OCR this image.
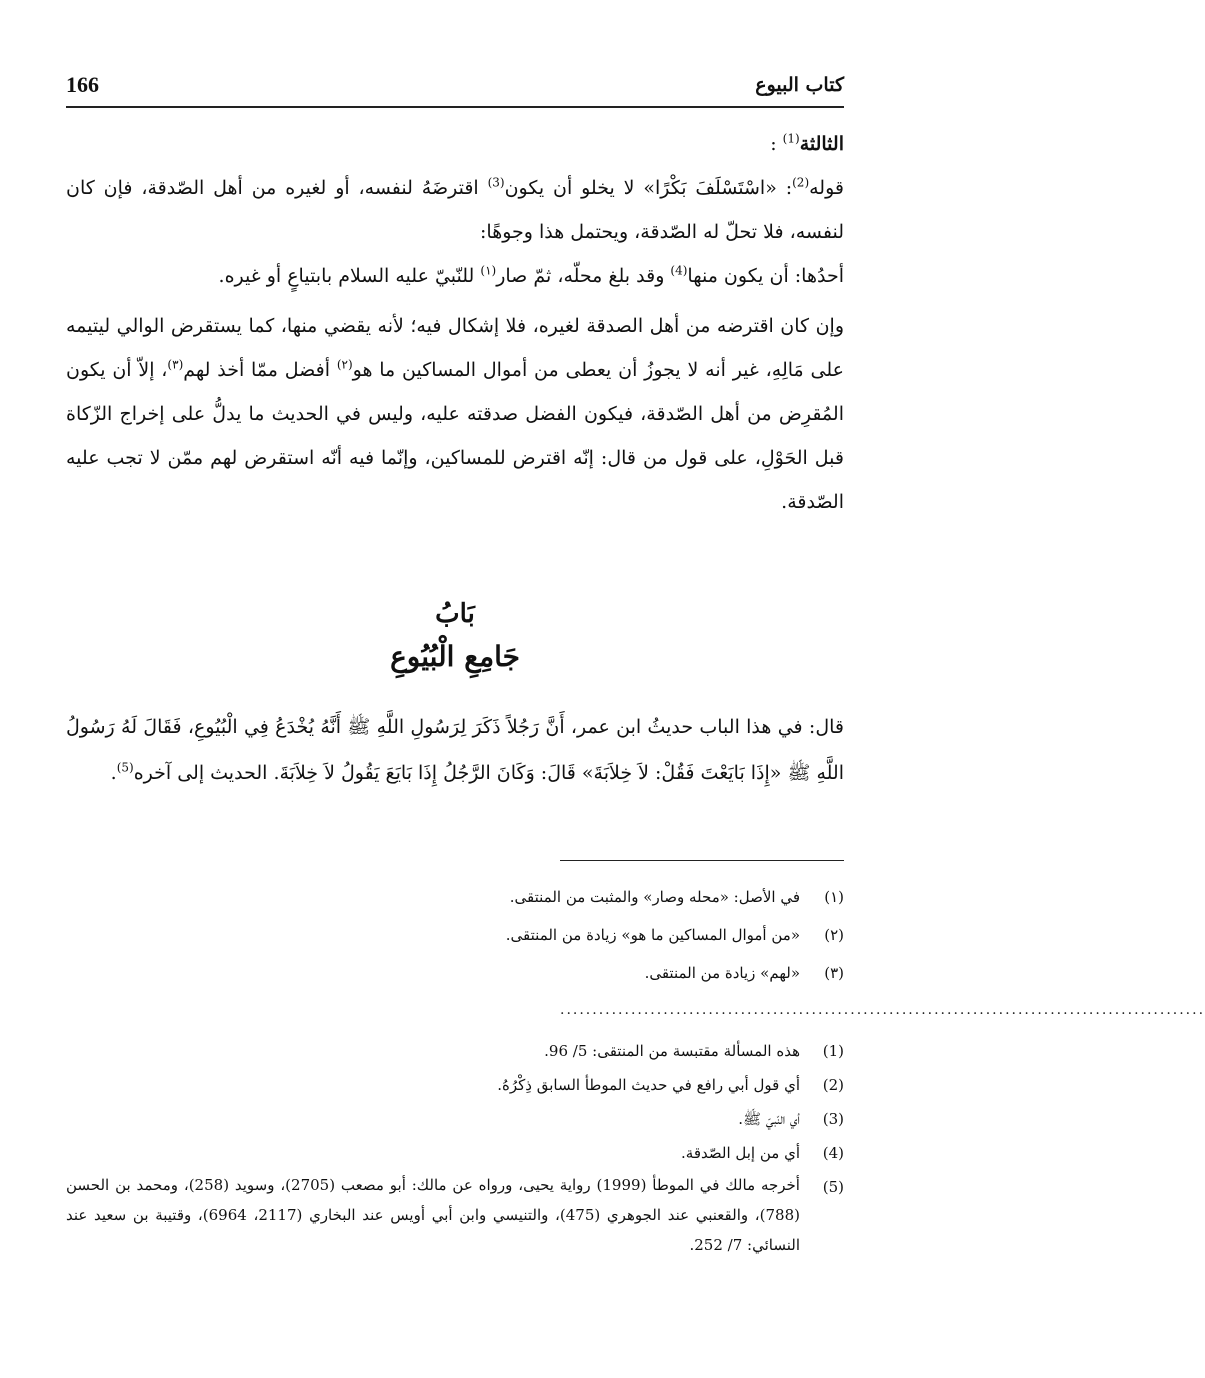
166	كتاب البيوع

الثالثة$^{(1)}$ :

قوله$^{(2)}$: «اسْتَسْلَفَ بَكْرًا» لا يخلو أن يكون$^{(3)}$ اقترضَهُ لنفسه، أو لغيره من أهل الصّدقة، فإن كان لنفسه، فلا تحلّ له الصّدقة، ويحتمل هذا وجوهًا:

أحدُها: أن يكون منها$^{(4)}$ وقد بلغ محلّه، ثمّ صار$^{(١)}$ للنّبيّ عليه السلام بابتياعٍ أو غيره.

وإن كان اقترضه من أهل الصدقة لغيره، فلا إشكال فيه؛ لأنه يقضي منها، كما يستقرض الوالي ليتيمه على مَالِهِ، غير أنه لا يجوزُ أن يعطى من أموال المساكين ما هو$^{(٢)}$ أفضل ممّا أخذ لهم$^{(٣)}$، إلاّ أن يكون المُقرِض من أهل الصّدقة، فيكون الفضل صدقته عليه، وليس في الحديث ما يدلُّ على إخراج الزّكاة قبل الحَوْلِ، على قول من قال: إنّه اقترض للمساكين، وإنّما فيه أنّه استقرض لهم ممّن لا تجب عليه الصّدقة.

بَابُ
جَامِعِ الْبُيُوعِ

قال: في هذا الباب حديثُ ابن عمر، أَنَّ رَجُلاً ذَكَرَ لِرَسُولِ اللَّهِ ﷺ أَنَّهُ يُخْدَعُ فِي الْبُيُوعِ، فَقَالَ لَهُ رَسُولُ اللَّهِ ﷺ «إِذَا بَايَعْتَ فَقُلْ: لاَ خِلاَبَةَ» قَالَ: وَكَانَ الرَّجُلُ إِذَا بَايَعَ يَقُولُ لاَ خِلاَبَةَ. الحديث إلى آخره$^{(5)}$.

(١)
في الأصل: «محله وصار» والمثبت من المنتقى.
(٢)
«من أموال المساكين ما هو» زيادة من المنتقى.
(٣)
«لهم» زيادة من المنتقى.
....................................................................................................
(1)
هذه المسألة مقتبسة من المنتقى: 5/ 96.
(2)
أي قول أبي رافع في حديث الموطأ السابق ذِكْرُهُ.
(3)
أي النّبيّ ﷺ.
(4)
أي من إبل الصّدقة.
(5)
أخرجه مالك في الموطأ (1999) رواية يحيى، ورواه عن مالك: أبو مصعب (2705)، وسويد (258)، ومحمد بن الحسن (788)، والقعنبي عند الجوهري (475)، والتنيسي وابن أبي أويس عند البخاري (2117، 6964)، وقتيبة بن سعيد عند النسائي: 7/ 252.
